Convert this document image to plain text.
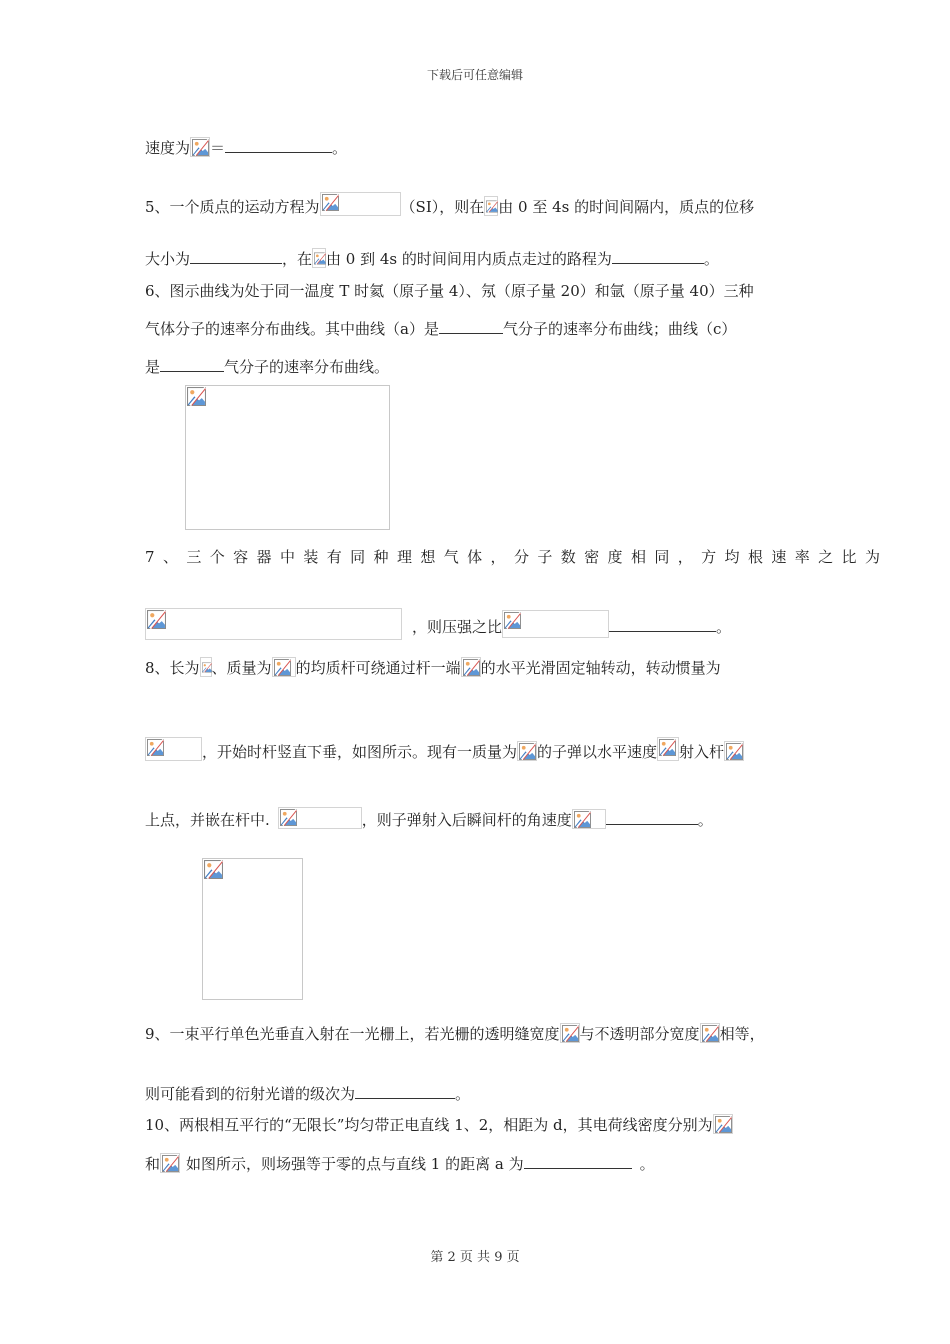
下载后可任意编辑
速度为 ＝	。
5、一个质点的运动方程为	（SI），则在 由 0 至 4s 的时间间隔内，质点的位移
大小为	，在 由 0 到 4s 的时间间用内质点走过的路程为	。
6、图示曲线为处于同一温度 T 时氦（原子量 4）、氖（原子量 20）和氩（原子量 40）三种
气体分子的速率分布曲线。其中曲线（a）是	气分子的速率分布曲线；曲线（c）
是	气分子的速率分布曲线。
7、三个容器中装有同种理想气体，分子数密度相同，方均根速率之比为
，则压强之比	。
8、长为 、质量为 的均质杆可绕通过杆一端 的水平光滑固定轴转动，转动惯量为
，开始时杆竖直下垂，如图所示。现有一质量为 的子弹以水平速度 射入杆
上点，并嵌在杆中.	，则子弹射入后瞬间杆的角速度	。
9、一束平行单色光垂直入射在一光栅上，若光栅的透明缝宽度 与不透明部分宽度 相等，
则可能看到的衍射光谱的级次为	。
10、两根相互平行的“无限长”均匀带正电直线 1、2，相距为 d，其电荷线密度分别为
和 如图所示，则场强等于零的点与直线 1 的距离 a 为	。
第 2 页 共 9 页
